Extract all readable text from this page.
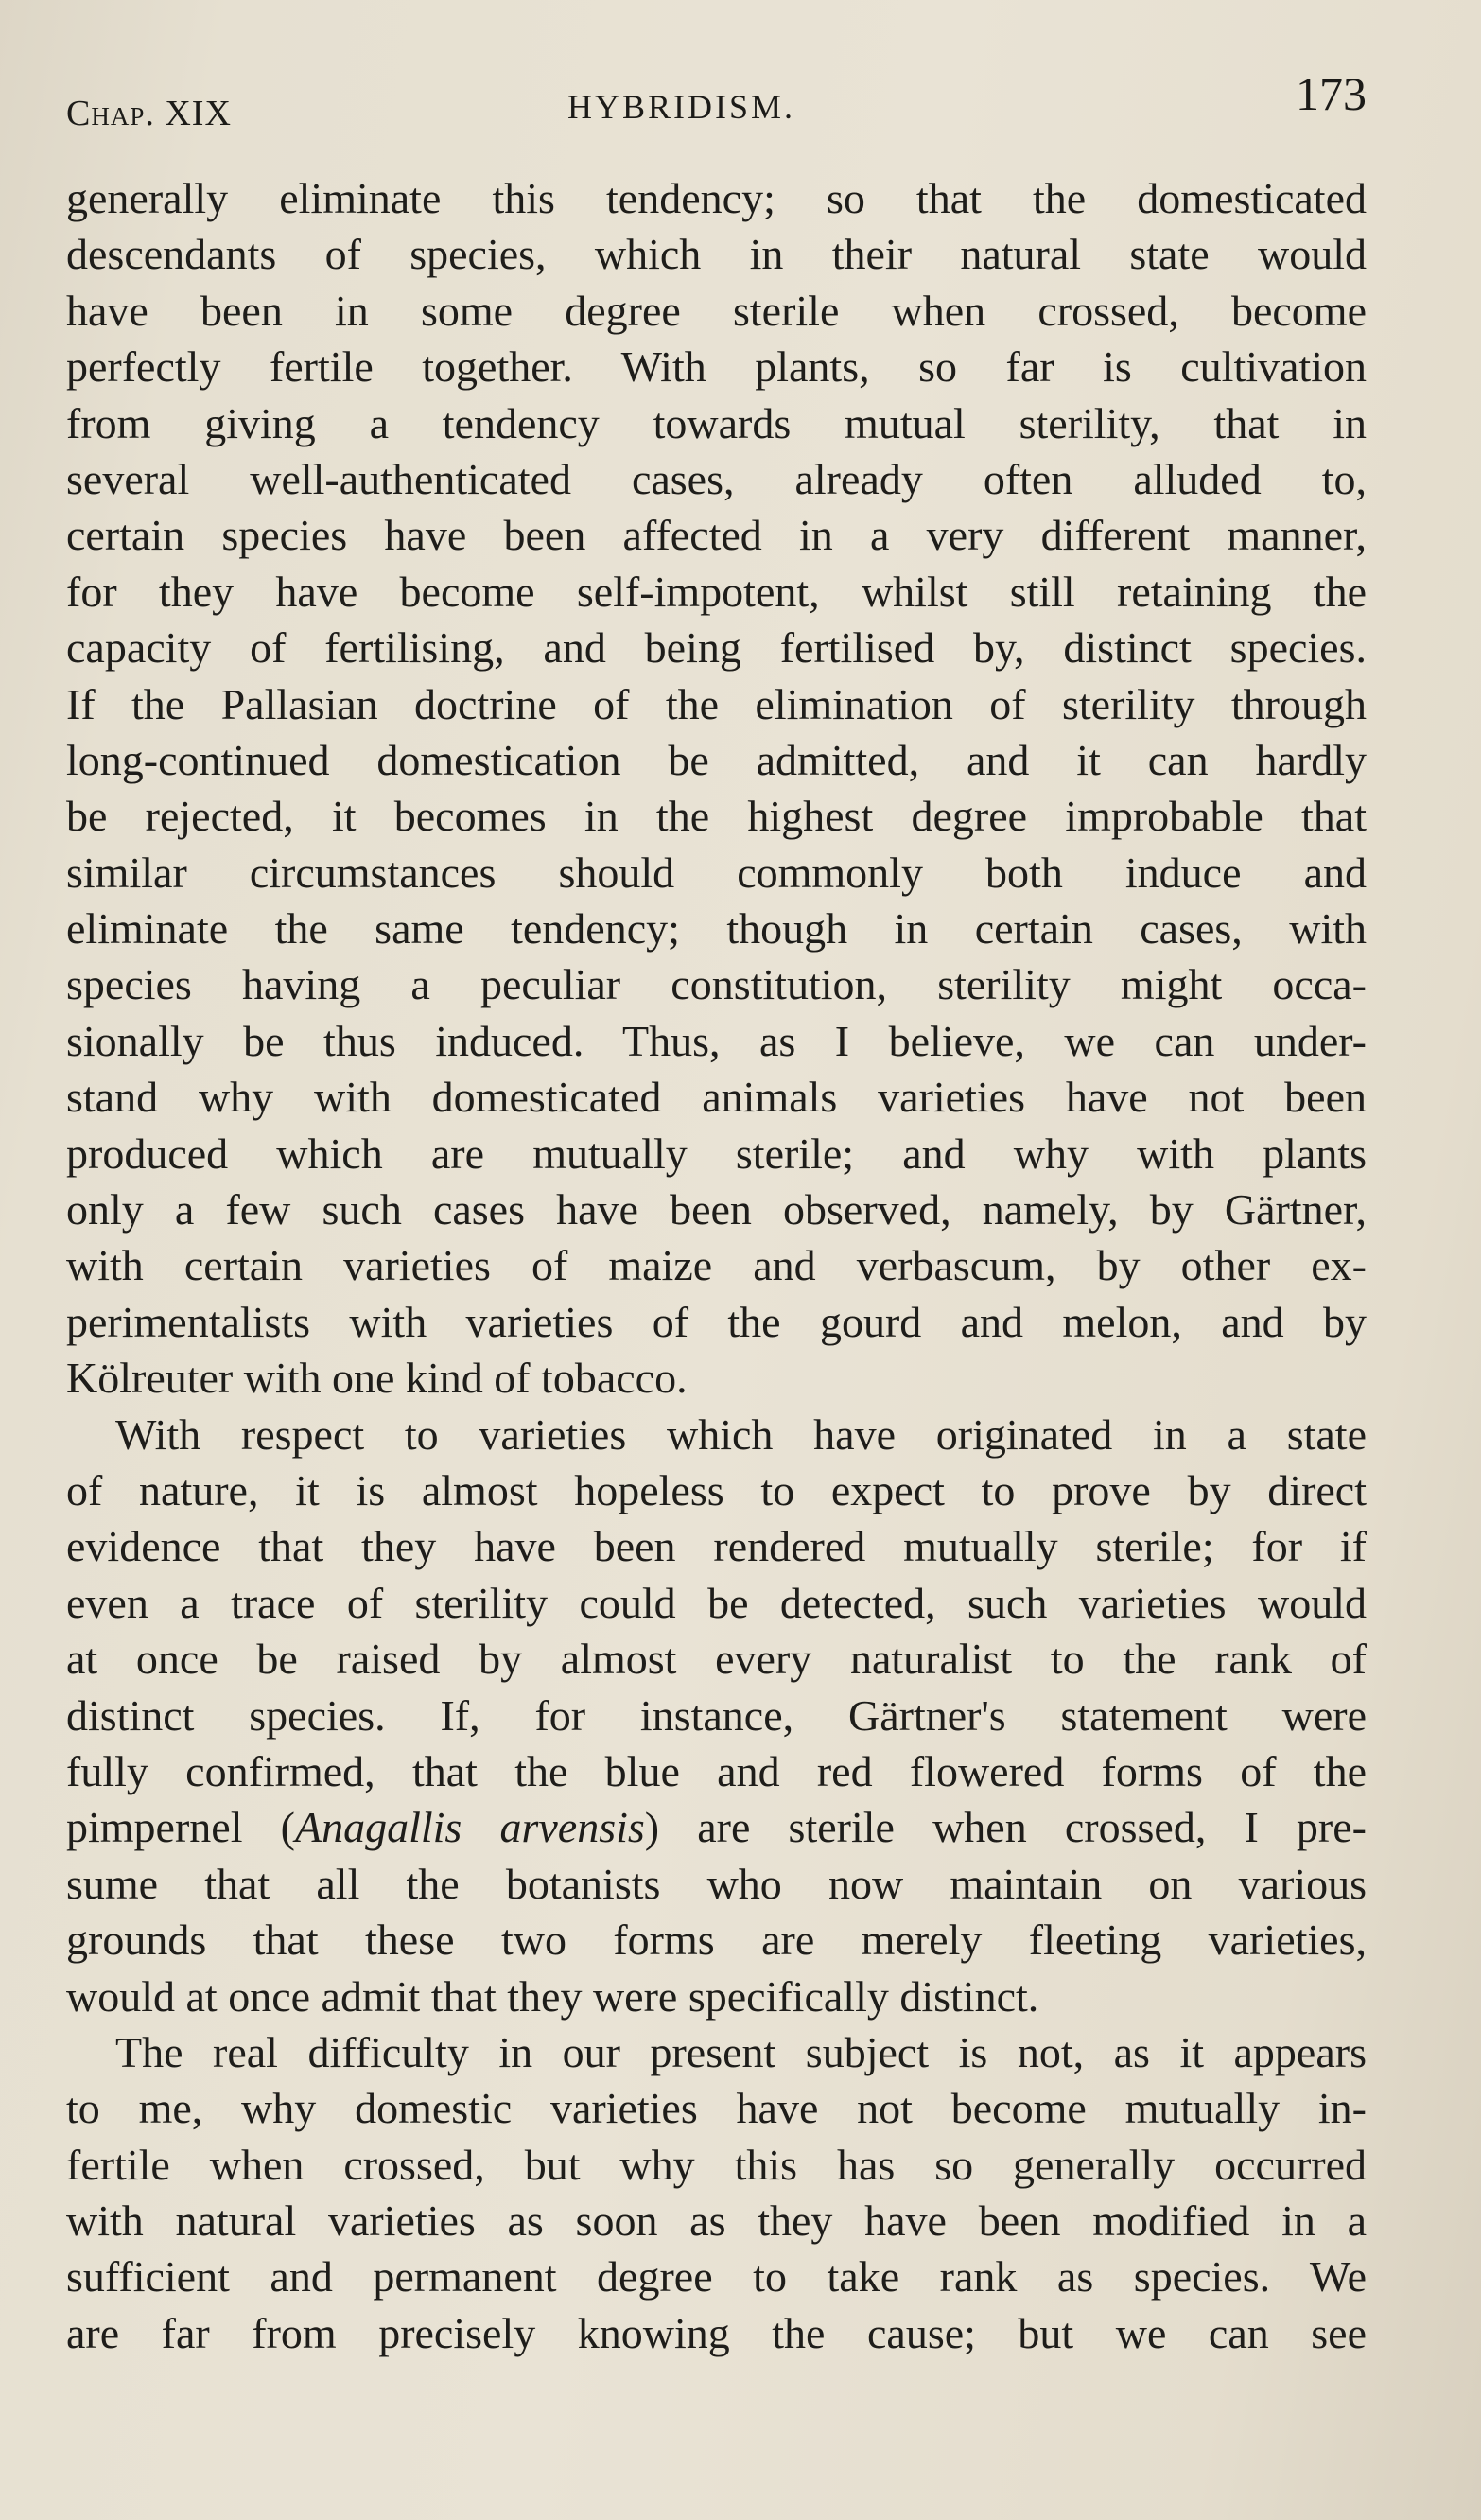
Chap. XIX	HYBRIDISM.	173
generally eliminate this tendency; so that the domesticated
descendants of species, which in their natural state would
have been in some degree sterile when crossed, become
perfectly fertile together. With plants, so far is cultivation
from giving a tendency towards mutual sterility, that in
several well-authenticated cases, already often alluded to,
certain species have been affected in a very different manner,
for they have become self-impotent, whilst still retaining the
capacity of fertilising, and being fertilised by, distinct species.
If the Pallasian doctrine of the elimination of sterility through
long-continued domestication be admitted, and it can hardly
be rejected, it becomes in the highest degree improbable that
similar circumstances should commonly both induce and
eliminate the same tendency; though in certain cases, with
species having a peculiar constitution, sterility might occa-
sionally be thus induced. Thus, as I believe, we can under-
stand why with domesticated animals varieties have not been
produced which are mutually sterile; and why with plants
only a few such cases have been observed, namely, by Gärtner,
with certain varieties of maize and verbascum, by other ex-
perimentalists with varieties of the gourd and melon, and by
Kölreuter with one kind of tobacco.
With respect to varieties which have originated in a state
of nature, it is almost hopeless to expect to prove by direct
evidence that they have been rendered mutually sterile; for if
even a trace of sterility could be detected, such varieties would
at once be raised by almost every naturalist to the rank of
distinct species. If, for instance, Gärtner's statement were
fully confirmed, that the blue and red flowered forms of the
pimpernel (Anagallis arvensis) are sterile when crossed, I pre-
sume that all the botanists who now maintain on various
grounds that these two forms are merely fleeting varieties,
would at once admit that they were specifically distinct.
The real difficulty in our present subject is not, as it appears
to me, why domestic varieties have not become mutually in-
fertile when crossed, but why this has so generally occurred
with natural varieties as soon as they have been modified in a
sufficient and permanent degree to take rank as species. We
are far from precisely knowing the cause; but we can see
